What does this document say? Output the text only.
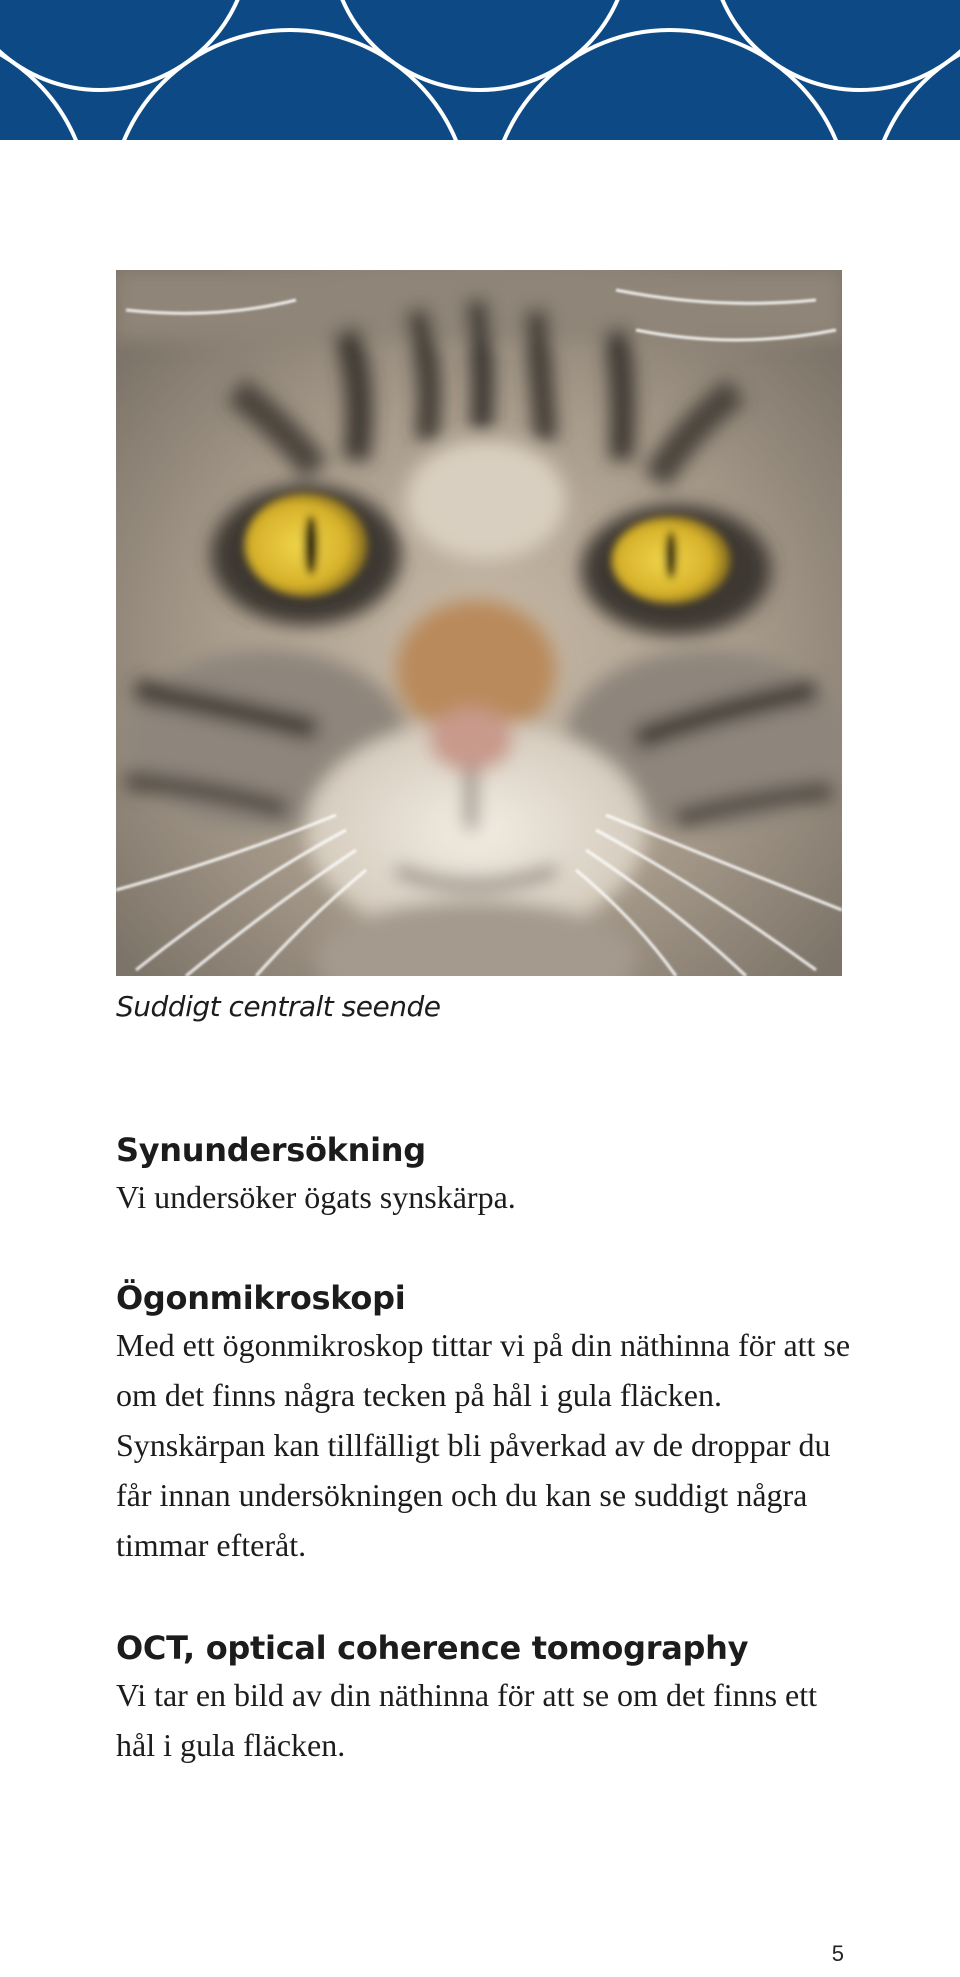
Suddigt centralt seende
Synundersökning

Vi undersöker ögats synskärpa.

Ögonmikroskopi

Med ett ögonmikroskop tittar vi på din näthinna för att se om det finns några tecken på hål i gula fläcken. Synskärpan kan tillfälligt bli påverkad av de droppar du får innan undersökningen och du kan se suddigt några timmar efteråt.

OCT, optical coherence tomography

Vi tar en bild av din näthinna för att se om det finns ett hål i gula fläcken.

5
